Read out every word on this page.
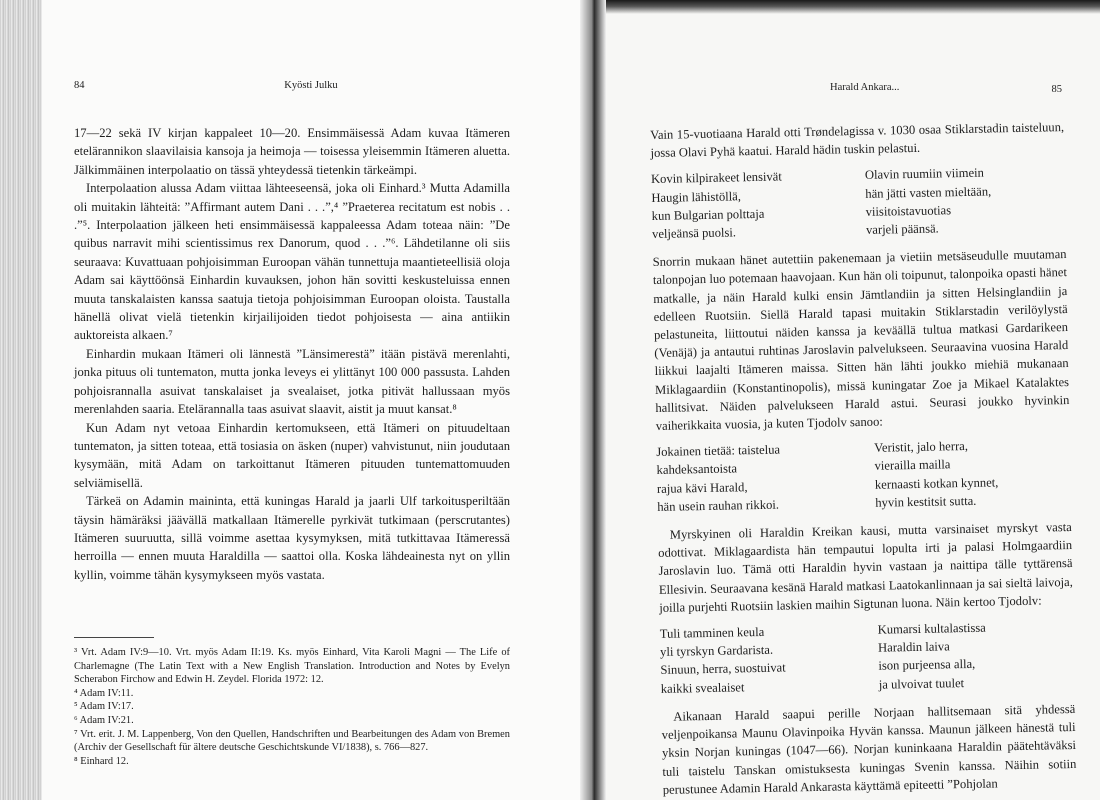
84	Kyösti Julku

17—22 sekä IV kirjan kappaleet 10—20. Ensimmäisessä Adam kuvaa Itämeren etelärannikon slaavilaisia kansoja ja heimoja — toisessa yleisemmin Itämeren aluetta. Jälkimmäinen interpolaatio on tässä yhteydessä tietenkin tärkeämpi.

Interpolaation alussa Adam viittaa lähteeseensä, joka oli Einhard.³ Mutta Adamilla oli muitakin lähteitä: ”Affirmant autem Dani . . .”,⁴ ”Praeterea recitatum est nobis . . .”⁵. Interpolaation jälkeen heti ensimmäisessä kappaleessa Adam toteaa näin: ”De quibus narravit mihi scientissimus rex Danorum, quod . . .”⁶. Lähdetilanne oli siis seuraava: Kuvattuaan pohjoisimman Euroopan vähän tunnettuja maantieteellisiä oloja Adam sai käyttöönsä Einhardin kuvauksen, johon hän sovitti keskusteluissa ennen muuta tanskalaisten kanssa saatuja tietoja pohjoisimman Euroopan oloista. Taustalla hänellä olivat vielä tietenkin kirjailijoiden tiedot pohjoisesta — aina antiikin auktoreista alkaen.⁷

Einhardin mukaan Itämeri oli lännestä ”Länsimerestä” itään pistävä merenlahti, jonka pituus oli tuntematon, mutta jonka leveys ei ylittänyt 100 000 passusta. Lahden pohjoisrannalla asuivat tanskalaiset ja svealaiset, jotka pitivät hallussaan myös merenlahden saaria. Etelärannalla taas asuivat slaavit, aistit ja muut kansat.⁸

Kun Adam nyt vetoaa Einhardin kertomukseen, että Itämeri on pituudeltaan tuntematon, ja sitten toteaa, että tosiasia on äsken (nuper) vahvistunut, niin joudutaan kysymään, mitä Adam on tarkoittanut Itämeren pituuden tuntemattomuuden selviämisellä.

Tärkeä on Adamin maininta, että kuningas Harald ja jaarli Ulf tarkoitusperiltään täysin hämäräksi jäävällä matkallaan Itämerelle pyrkivät tutkimaan (perscrutantes) Itämeren suuruutta, sillä voimme asettaa kysymyksen, mitä tutkittavaa Itämeressä herroilla — ennen muuta Haraldilla — saattoi olla. Koska lähdeainesta nyt on yllin kyllin, voimme tähän kysymykseen myös vastata.

³ Vrt. Adam IV:9—10. Vrt. myös Adam II:19. Ks. myös Einhard, Vita Karoli Magni — The Life of Charlemagne (The Latin Text with a New English Translation. Introduction and Notes by Evelyn Scherabon Firchow and Edwin H. Zeydel. Florida 1972: 12.

⁴ Adam IV:11.

⁵ Adam IV:17.

⁶ Adam IV:21.

⁷ Vrt. erit. J. M. Lappenberg, Von den Quellen, Handschriften und Bearbeitungen des Adam von Bremen (Archiv der Gesellschaft für ältere deutsche Geschichtskunde VI/1838), s. 766—827.

⁸ Einhard 12.

Harald Ankara...	85

Vain 15-vuotiaana Harald otti Trøndelagissa v. 1030 osaa Stiklarstadin taisteluun, jossa Olavi Pyhä kaatui. Harald hädin tuskin pelastui.

Kovin kilpirakeet lensivät
Haugin lähistöllä,
kun Bulgarian polttaja
veljeänsä puolsi.
Olavin ruumiin viimein
hän jätti vasten mieltään,
viisitoistavuotias
varjeli päänsä.

Snorrin mukaan hänet autettiin pakenemaan ja vietiin metsäseudulle muutaman talonpojan luo potemaan haavojaan. Kun hän oli toipunut, talonpoika opasti hänet matkalle, ja näin Harald kulki ensin Jämtlandiin ja sitten Helsinglandiin ja edelleen Ruotsiin. Siellä Harald tapasi muitakin Stiklarstadin verilöylystä pelastuneita, liittoutui näiden kanssa ja keväällä tultua matkasi Gardarikeen (Venäjä) ja antautui ruhtinas Jaroslavin palvelukseen. Seuraavina vuosina Harald liikkui laajalti Itämeren maissa. Sitten hän lähti joukko miehiä mukanaan Miklagaardiin (Konstantinopolis), missä kuningatar Zoe ja Mikael Katalaktes hallitsivat. Näiden palvelukseen Harald astui. Seurasi joukko hyvinkin vaiherikkaita vuosia, ja kuten Tjodolv sanoo:

Jokainen tietää: taistelua
kahdeksantoista
rajua kävi Harald,
hän usein rauhan rikkoi.
Veristit, jalo herra,
vierailla mailla
kernaasti kotkan kynnet,
hyvin kestitsit sutta.

Myrskyinen oli Haraldin Kreikan kausi, mutta varsinaiset myrskyt vasta odottivat. Miklagaardista hän tempautui lopulta irti ja palasi Holmgaardiin Jaroslavin luo. Tämä otti Haraldin hyvin vastaan ja naittipa tälle tyttärensä Ellesivin. Seuraavana kesänä Harald matkasi Laatokanlinnaan ja sai sieltä laivoja, joilla purjehti Ruotsiin laskien maihin Sigtunan luona. Näin kertoo Tjodolv:

Tuli tamminen keula
yli tyrskyn Gardarista.
Sinuun, herra, suostuivat
kaikki svealaiset
Kumarsi kultalastissa
Haraldin laiva
ison purjeensa alla,
ja ulvoivat tuulet

Aikanaan Harald saapui perille Norjaan hallitsemaan sitä yhdessä veljenpoikansa Maunu Olavinpoika Hyvän kanssa. Maunun jälkeen hänestä tuli yksin Norjan kuningas (1047—66). Norjan kuninkaana Haraldin päätehtäväksi tuli taistelu Tanskan omistuksesta kuningas Svenin kanssa. Näihin sotiin perustunee Adamin Harald Ankarasta käyttämä epiteetti ”Pohjolan
